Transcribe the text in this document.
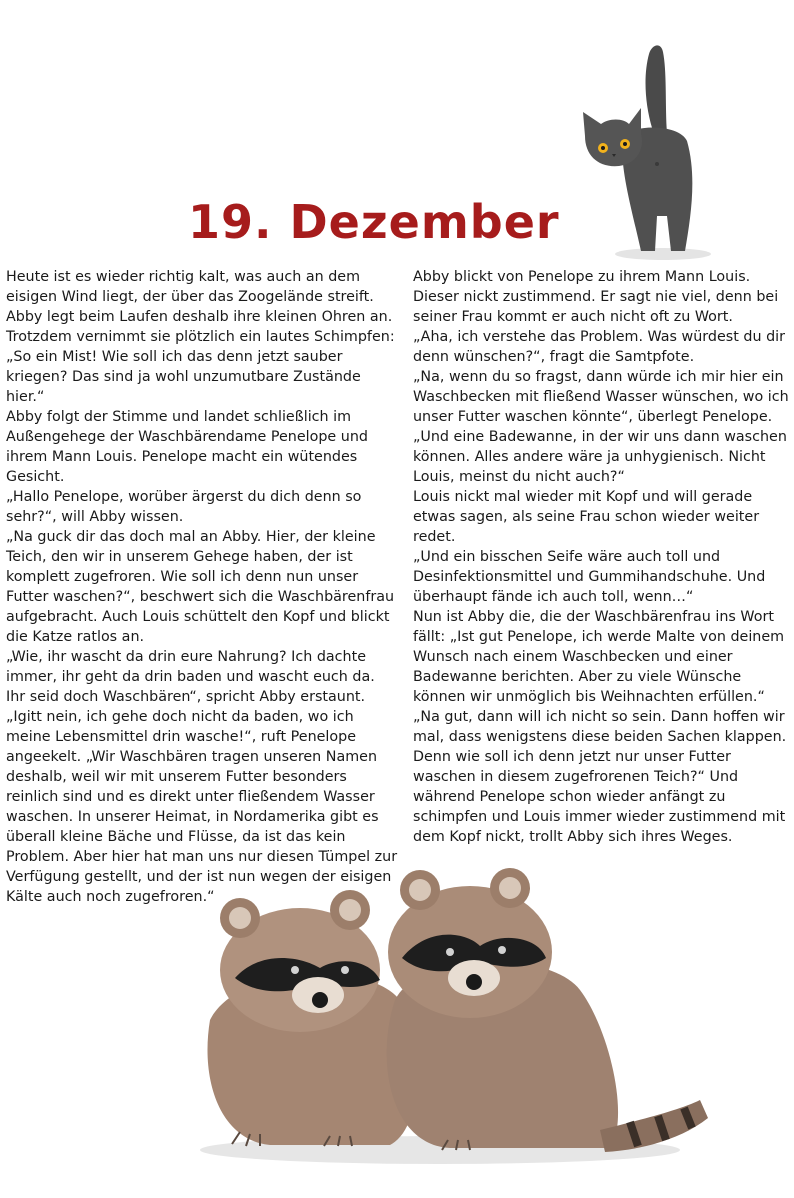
19. Dezember

Heute ist es wieder richtig kalt, was auch an dem eisigen Wind liegt, der über das Zoogelände streift. Abby legt beim Laufen deshalb ihre kleinen Ohren an. Trotzdem vernimmt sie plötzlich ein lautes Schimpfen: „So ein Mist! Wie soll ich das denn jetzt sauber kriegen? Das sind ja wohl unzumutbare Zustände hier.“

Abby folgt der Stimme und landet schließlich im Außengehege der Waschbärendame Penelope und ihrem Mann Louis. Penelope macht ein wütendes Gesicht.

„Hallo Penelope, worüber ärgerst du dich denn so sehr?“, will Abby wissen.

„Na guck dir das doch mal an Abby. Hier, der kleine Teich, den wir in unserem Gehege haben, der ist komplett zugefroren. Wie soll ich denn nun unser Futter waschen?“, beschwert sich die Waschbärenfrau aufgebracht. Auch Louis schüttelt den Kopf und blickt die Katze ratlos an.

„Wie, ihr wascht da drin eure Nahrung? Ich dachte immer, ihr geht da drin baden und wascht euch da. Ihr seid doch Waschbären“, spricht Abby erstaunt.

„Igitt nein, ich gehe doch nicht da baden, wo ich meine Lebensmittel drin wasche!“, ruft Penelope angeekelt. „Wir Waschbären tragen unseren Namen deshalb, weil wir mit unserem Futter besonders reinlich sind und es direkt unter fließendem Wasser waschen. In unserer Heimat, in Nordamerika gibt es überall kleine Bäche und Flüsse, da ist das kein Problem. Aber hier hat man uns nur diesen Tümpel zur Verfügung gestellt, und der ist nun wegen der eisigen Kälte auch noch zugefroren.“

Abby blickt von Penelope zu ihrem Mann Louis. Dieser nickt zustimmend. Er sagt nie viel, denn bei seiner Frau kommt er auch nicht oft zu Wort.

„Aha, ich verstehe das Problem. Was würdest du dir denn wünschen?“, fragt die Samtpfote.

„Na, wenn du so fragst, dann würde ich mir hier ein Waschbecken mit fließend Wasser wünschen, wo ich unser Futter waschen könnte“, überlegt Penelope. „Und eine Badewanne, in der wir uns dann waschen können. Alles andere wäre ja unhygienisch. Nicht Louis, meinst du nicht auch?“

Louis nickt mal wieder mit Kopf und will gerade etwas sagen, als seine Frau schon wieder weiter redet.

„Und ein bisschen Seife wäre auch toll und Desinfektionsmittel und Gummihandschuhe. Und überhaupt fände ich auch toll, wenn…“

Nun ist Abby die, die der Waschbärenfrau ins Wort fällt: „Ist gut Penelope, ich werde Malte von deinem Wunsch nach einem Waschbecken und einer Badewanne berichten. Aber zu viele Wünsche können wir unmöglich bis Weihnachten erfüllen.“

„Na gut, dann will ich nicht so sein. Dann hoffen wir mal, dass wenigstens diese beiden Sachen klappen. Denn wie soll ich denn jetzt nur unser Futter waschen in diesem zugefrorenen Teich?“ Und während Penelope schon wieder anfängt zu schimpfen und Louis immer wieder zustimmend mit dem Kopf nickt, trollt Abby sich ihres Weges.
